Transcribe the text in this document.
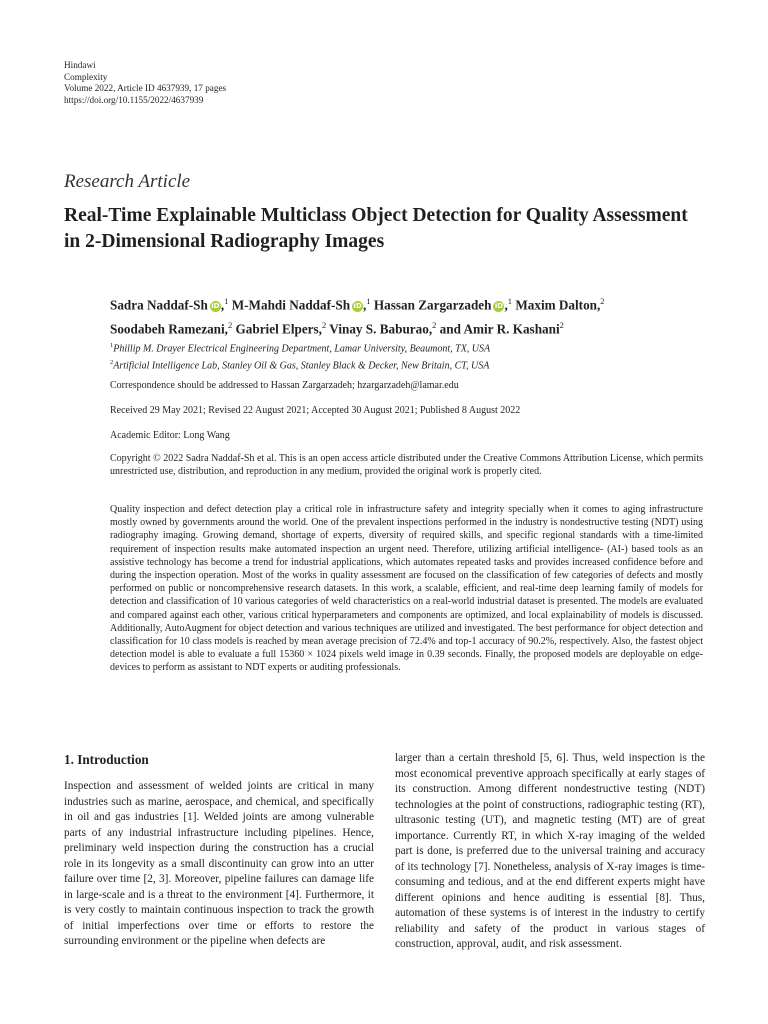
Hindawi
Complexity
Volume 2022, Article ID 4637939, 17 pages
https://doi.org/10.1155/2022/4637939
Research Article
Real-Time Explainable Multiclass Object Detection for Quality Assessment in 2-Dimensional Radiography Images
Sadra Naddaf-Sh iD,$^1$ M-Mahdi Naddaf-Sh iD,$^1$ Hassan Zargarzadeh iD,$^1$ Maxim Dalton,$^2$
Soodabeh Ramezani,$^2$ Gabriel Elpers,$^2$ Vinay S. Baburao,$^2$ and Amir R. Kashani$^2$
$^1$Phillip M. Drayer Electrical Engineering Department, Lamar University, Beaumont, TX, USA
$^2$Artificial Intelligence Lab, Stanley Oil & Gas, Stanley Black & Decker, New Britain, CT, USA
Correspondence should be addressed to Hassan Zargarzadeh; hzargarzadeh@lamar.edu
Received 29 May 2021; Revised 22 August 2021; Accepted 30 August 2021; Published 8 August 2022
Academic Editor: Long Wang
Copyright © 2022 Sadra Naddaf-Sh et al. This is an open access article distributed under the Creative Commons Attribution License, which permits unrestricted use, distribution, and reproduction in any medium, provided the original work is properly cited.
Quality inspection and defect detection play a critical role in infrastructure safety and integrity specially when it comes to aging infrastructure mostly owned by governments around the world. One of the prevalent inspections performed in the industry is nondestructive testing (NDT) using radiography imaging. Growing demand, shortage of experts, diversity of required skills, and specific regional standards with a time-limited requirement of inspection results make automated inspection an urgent need. Therefore, utilizing artificial intelligence- (AI-) based tools as an assistive technology has become a trend for industrial applications, which automates repeated tasks and provides increased confidence before and during the inspection operation. Most of the works in quality assessment are focused on the classification of few categories of defects and mostly performed on public or noncomprehensive research datasets. In this work, a scalable, efficient, and real-time deep learning family of models for detection and classification of 10 various categories of weld characteristics on a real-world industrial dataset is presented. The models are evaluated and compared against each other, various critical hyperparameters and components are optimized, and local explainability of models is discussed. Additionally, AutoAugment for object detection and various techniques are utilized and investigated. The best performance for object detection and classification for 10 class models is reached by mean average precision of 72.4% and top-1 accuracy of 90.2%, respectively. Also, the fastest object detection model is able to evaluate a full 15360 × 1024 pixels weld image in 0.39 seconds. Finally, the proposed models are deployable on edge-devices to perform as assistant to NDT experts or auditing professionals.
1. Introduction
Inspection and assessment of welded joints are critical in many industries such as marine, aerospace, and chemical, and specifically in oil and gas industries [1]. Welded joints are among vulnerable parts of any industrial infrastructure including pipelines. Hence, preliminary weld inspection during the construction has a crucial role in its longevity as a small discontinuity can grow into an utter failure over time [2, 3]. Moreover, pipeline failures can damage life in large-scale and is a threat to the environment [4]. Furthermore, it is very costly to maintain continuous inspection to track the growth of initial imperfections over time or efforts to restore the surrounding environment or the pipeline when defects are
larger than a certain threshold [5, 6]. Thus, weld inspection is the most economical preventive approach specifically at early stages of its construction. Among different nondestructive testing (NDT) technologies at the point of constructions, radiographic testing (RT), ultrasonic testing (UT), and magnetic testing (MT) are of great importance. Currently RT, in which X-ray imaging of the welded part is done, is preferred due to the universal training and accuracy of its technology [7]. Nonetheless, analysis of X-ray images is time-consuming and tedious, and at the end different experts might have different opinions and hence auditing is essential [8]. Thus, automation of these systems is of interest in the industry to certify reliability and safety of the product in various stages of construction, approval, audit, and risk assessment.
